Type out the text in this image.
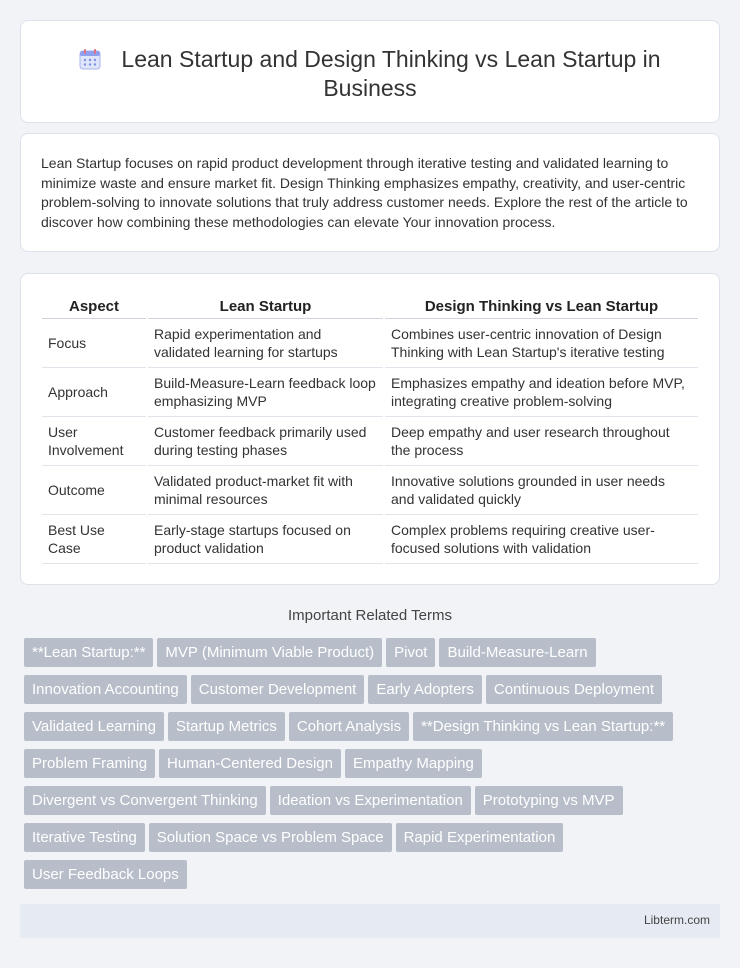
Lean Startup and Design Thinking vs Lean Startup in Business

Lean Startup focuses on rapid product development through iterative testing and validated learning to minimize waste and ensure market fit. Design Thinking emphasizes empathy, creativity, and user-centric problem-solving to innovate solutions that truly address customer needs. Explore the rest of the article to discover how combining these methodologies can elevate Your innovation process.

Aspect	Lean Startup	Design Thinking vs Lean Startup
Focus	Rapid experimentation and validated learning for startups	Combines user-centric innovation of Design Thinking with Lean Startup's iterative testing
Approach	Build-Measure-Learn feedback loop emphasizing MVP	Emphasizes empathy and ideation before MVP, integrating creative problem-solving
User Involvement	Customer feedback primarily used during testing phases	Deep empathy and user research throughout the process
Outcome	Validated product-market fit with minimal resources	Innovative solutions grounded in user needs and validated quickly
Best Use Case	Early-stage startups focused on product validation	Complex problems requiring creative user-focused solutions with validation
Important Related Terms
**Lean Startup:**	MVP (Minimum Viable Product)	Pivot	Build-Measure-Learn
Innovation Accounting	Customer Development	Early Adopters	Continuous Deployment
Validated Learning	Startup Metrics	Cohort Analysis	**Design Thinking vs Lean Startup:**
Problem Framing	Human-Centered Design	Empathy Mapping
Divergent vs Convergent Thinking	Ideation vs Experimentation	Prototyping vs MVP
Iterative Testing	Solution Space vs Problem Space	Rapid Experimentation
User Feedback Loops
Libterm.com
